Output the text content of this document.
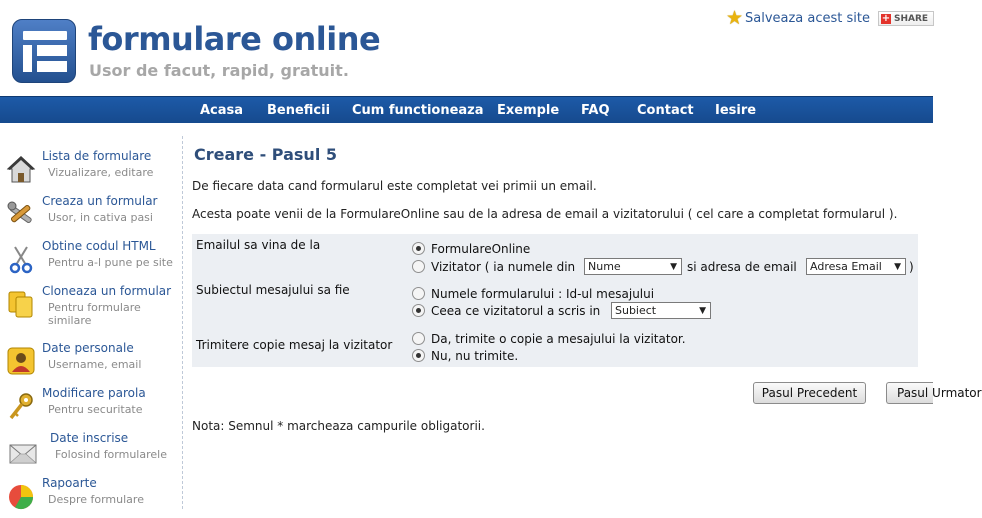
formulare online
Usor de facut, rapid, gratuit.
★ Salveaza acest site + SHARE
Acasa Beneficii Cum functioneaza Exemple FAQ Contact Iesire
Lista de formulare
Vizualizare, editare
Creaza un formular
Usor, in cativa pasi
Obtine codul HTML
Pentru a-l pune pe site
Cloneaza un formular
Pentru formulare similare
Date personale
Username, email
Modificare parola
Pentru securitate
Date inscrise
Folosind formularele
Rapoarte
Despre formulare
Creare - Pasul 5
De fiecare data cand formularul este completat vei primii un email.
Acesta poate venii de la FormulareOnline sau de la adresa de email a vizitatorului ( cel care a completat formularul ).
Emailul sa vina de la	FormulareOnline
Vizitator ( ia numele din	Nume	▼ si adresa de email	Adresa Email ▼ )
Subiectul mesajului sa fie	Numele formularului : Id-ul mesajului
Ceea ce vizitatorul a scris in	Subiect	▼
Trimitere copie mesaj la vizitator	Da, trimite o copie a mesajului la vizitator.
Nu, nu trimite.
Pasul Precedent	Pasul Urmator
Nota: Semnul * marcheaza campurile obligatorii.
